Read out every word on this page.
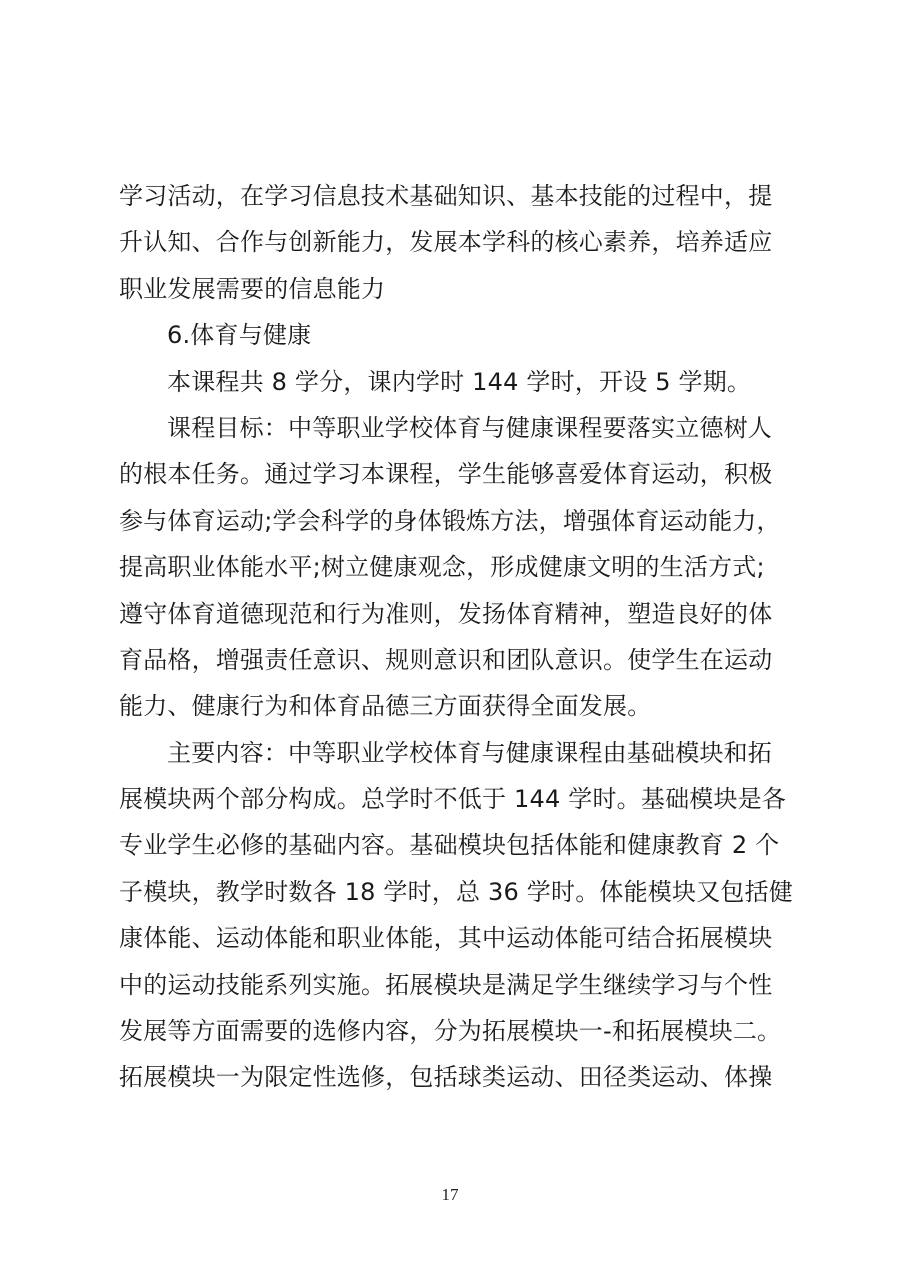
学习活动，在学习信息技术基础知识、基本技能的过程中，提
升认知、合作与创新能力，发展本学科的核心素养，培养适应
职业发展需要的信息能力
6.体育与健康
本课程共 8 学分，课内学时 144 学时，开设 5 学期。
课程目标：中等职业学校体育与健康课程要落实立德树人
的根本任务。通过学习本课程，学生能够喜爱体育运动，积极
参与体育运动;学会科学的身体锻炼方法，增强体育运动能力，
提高职业体能水平;树立健康观念，形成健康文明的生活方式;
遵守体育道德现范和行为准则，发扬体育精神，塑造良好的体
育品格，增强责任意识、规则意识和团队意识。使学生在运动
能力、健康行为和体育品德三方面获得全面发展。
主要内容：中等职业学校体育与健康课程由基础模块和拓
展模块两个部分构成。总学时不低于 144 学时。基础模块是各
专业学生必修的基础内容。基础模块包括体能和健康教育 2 个
子模块，教学时数各 18 学时，总 36 学时。体能模块又包括健
康体能、运动体能和职业体能，其中运动体能可结合拓展模块
中的运动技能系列实施。拓展模块是满足学生继续学习与个性
发展等方面需要的选修内容，分为拓展模块一-和拓展模块二。
拓展模块一为限定性选修，包括球类运动、田径类运动、体操
17
